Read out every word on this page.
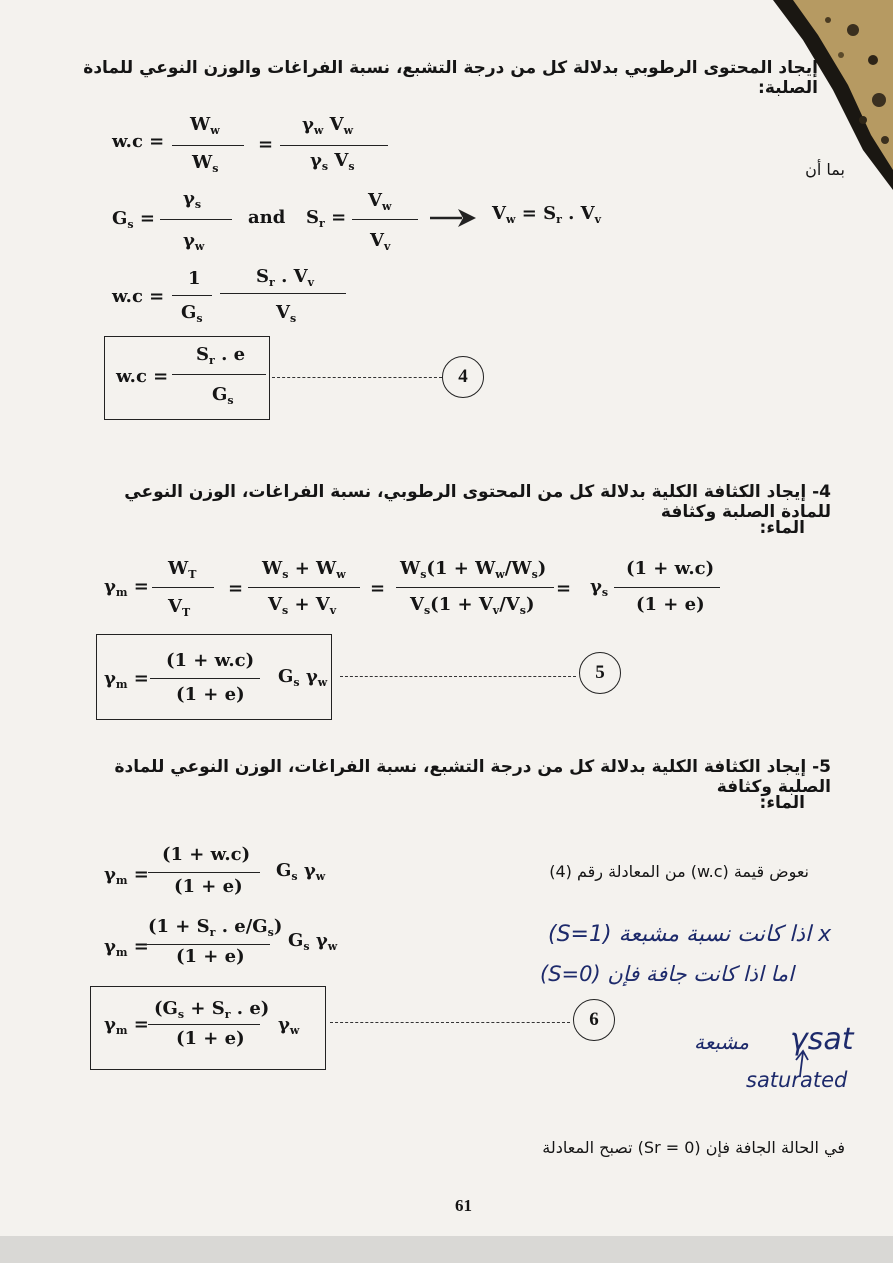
إيجاد المحتوى الرطوبي بدلالة كل من درجة التشبع، نسبة الفراغات والوزن النوعي للمادة الصلبة:
w.c =
$W_w$
$W_s$
=
$\gamma_w$ $V_w$
$\gamma_s$ $V_s$	بما أن
$G_s$ =
$\gamma_s$
$\gamma_w$
and $S_r$ =
$V_w$
$V_v$
$V_w = S_r$ . $V_v$
w.c =
1
$G_s$
$S_r$ . $V_v$
$V_s$
w.c =
$S_r$ . e
$G_s$
4
4- إيجاد الكثافة الكلية بدلالة كل من المحتوى الرطوبي، نسبة الفراغات، الوزن النوعي للمادة الصلبة وكثافة
الماء:
$\gamma_m$ =
$W_T$
$V_T$
=
$W_s + W_w$
$V_s + V_v$
=
$W_s(1 + W_w/W_s)$
$V_s(1 + V_v/V_s)$
= $\gamma_s$
(1 + w.c)
(1 + e)
$\gamma_m$ =
(1 + w.c)
(1 + e)
$G_s$ $\gamma_w$	5
5- إيجاد الكثافة الكلية بدلالة كل من درجة التشبع، نسبة الفراغات، الوزن النوعي للمادة الصلبة وكثافة
الماء:
$\gamma_m$ =
(1 + w.c)
(1 + e)
$G_s$ $\gamma_w$	نعوض قيمة (w.c) من المعادلة رقم (4)
$\gamma_m$ =
($1 + S_r$ . $e/G_s$)
(1 + e)
$G_s$ $\gamma_w$
$\gamma_m$ =
($G_s + S_r$ . e)
(1 + e)
$\gamma_w$
6
x اذا كانت نسبة مشبعة (S=1)
اما اذا كانت جافة فإن (S=0)
مشبعة γsat
saturated
في الحالة الجافة فإن (Sr = 0) تصبح المعادلة
61
